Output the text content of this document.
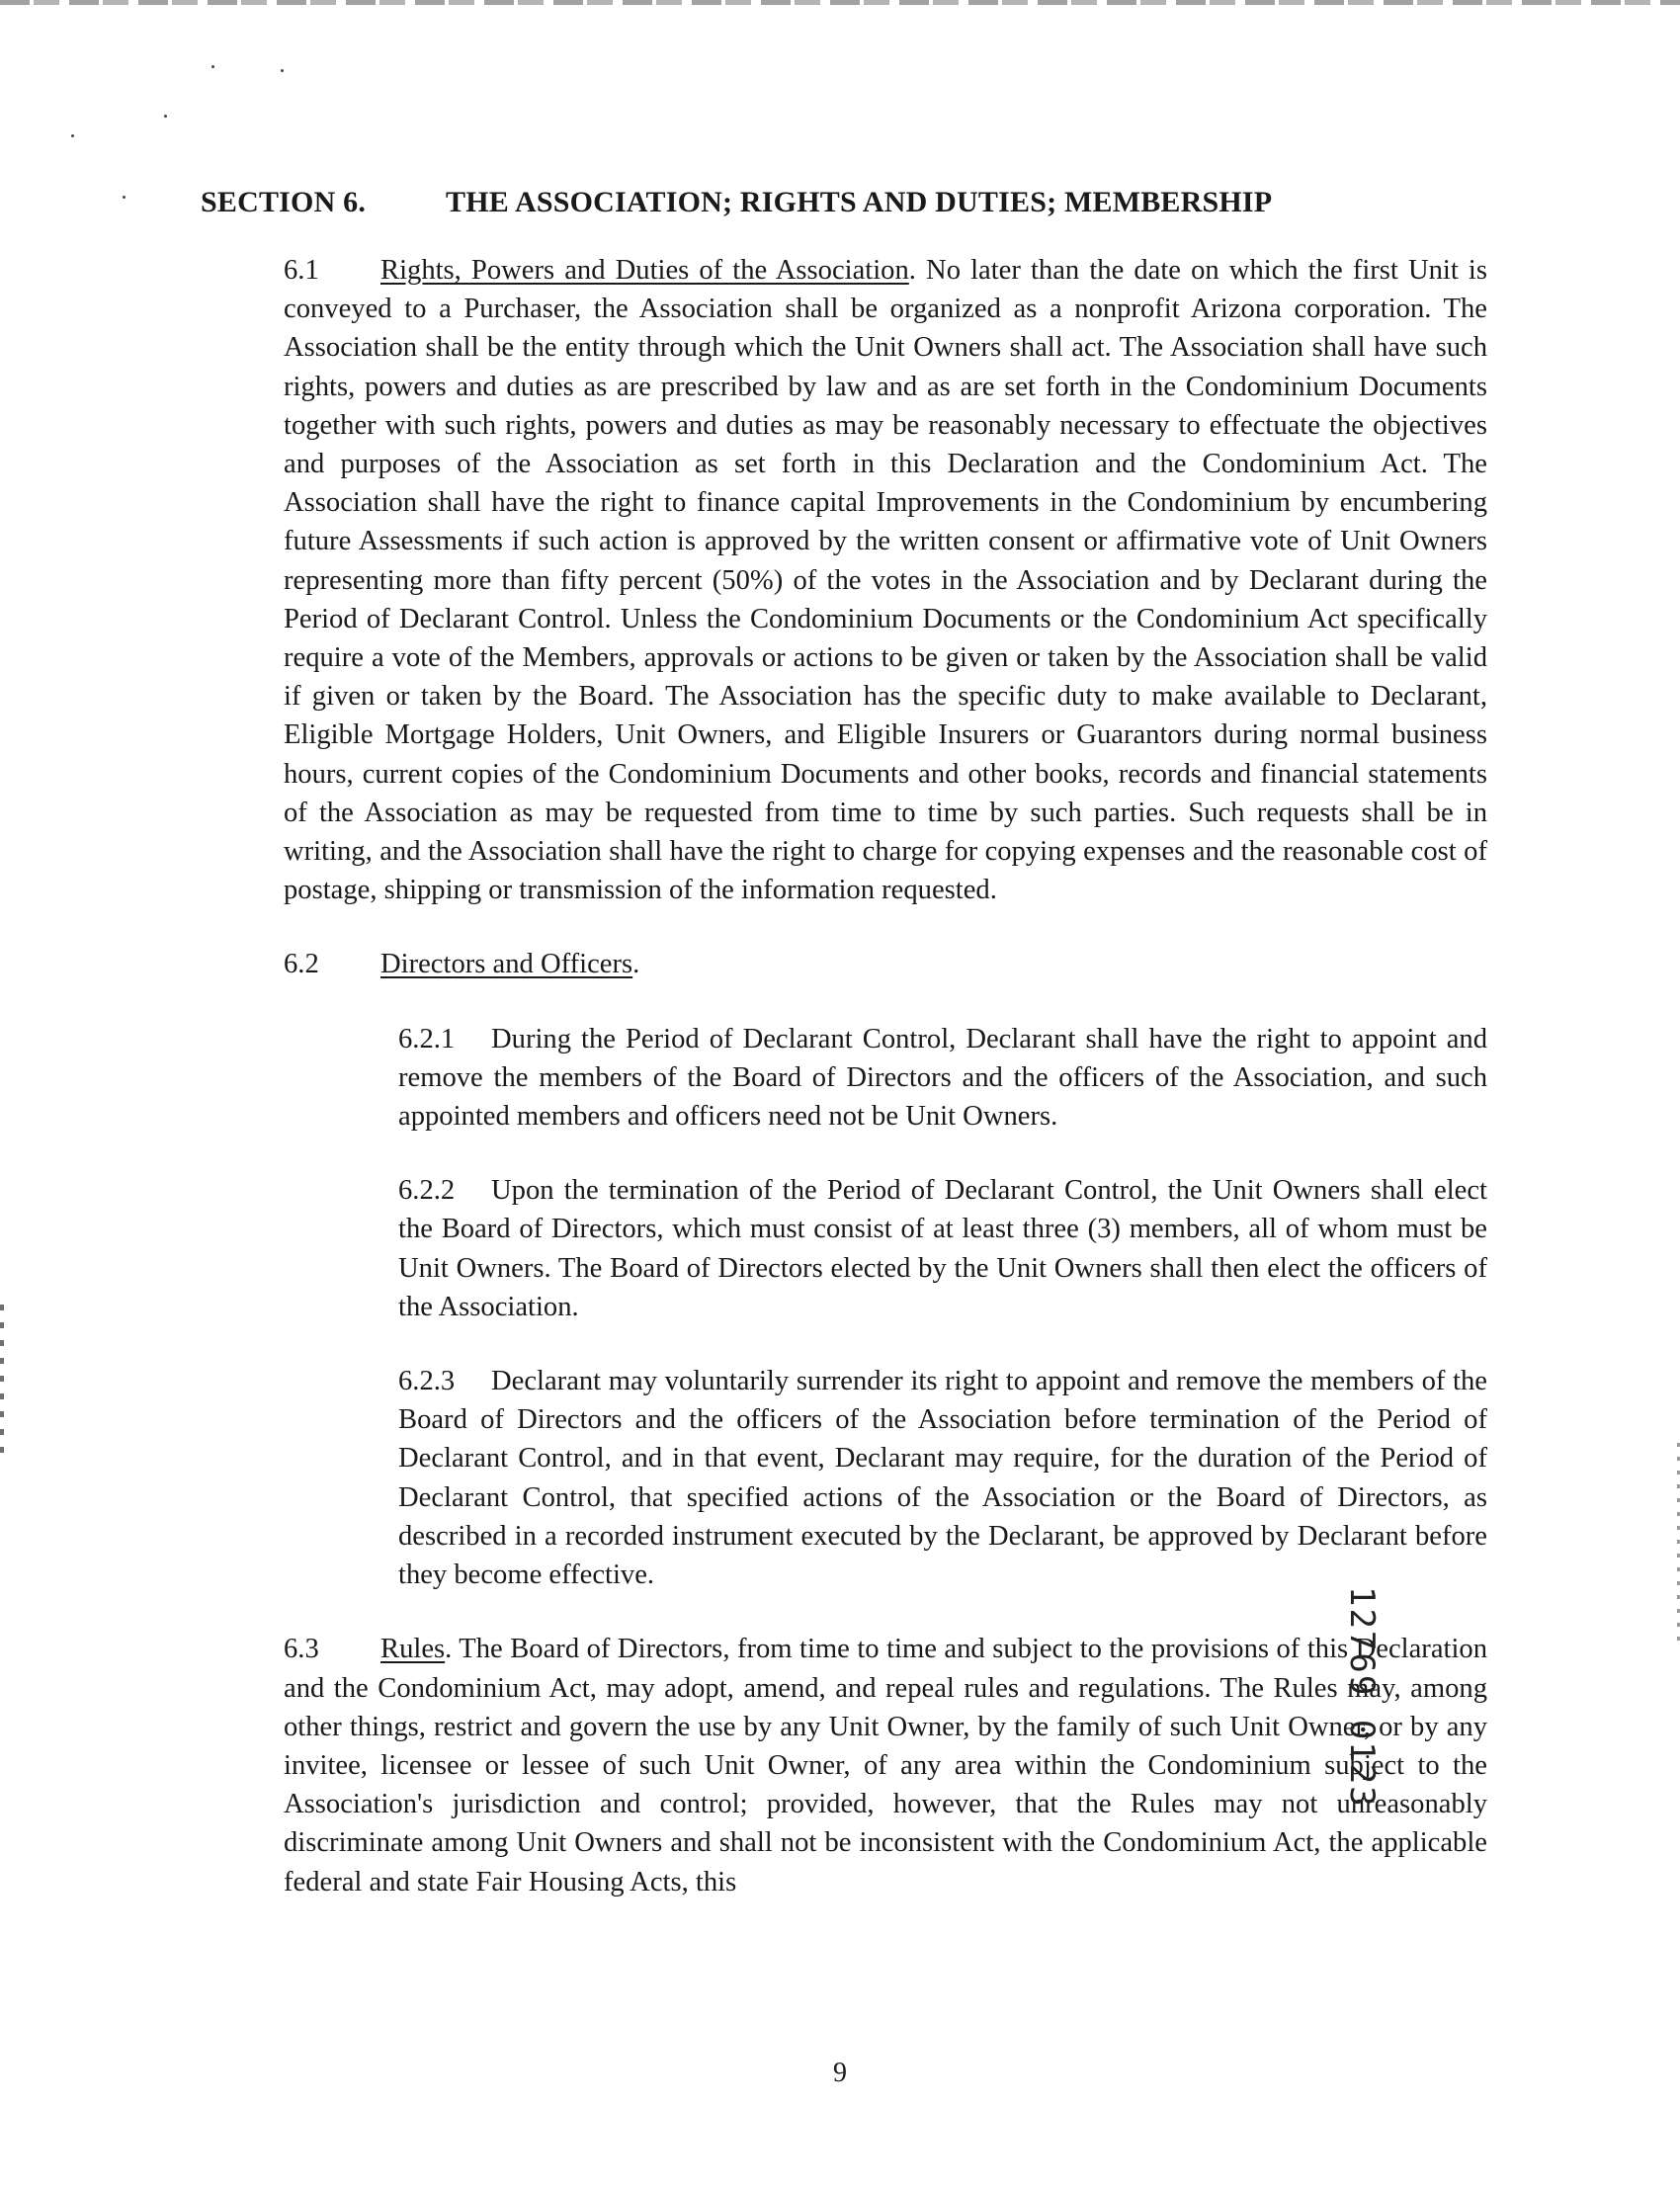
SECTION 6.	THE ASSOCIATION; RIGHTS AND DUTIES; MEMBERSHIP

6.1 Rights, Powers and Duties of the Association. No later than the date on which the first Unit is conveyed to a Purchaser, the Association shall be organized as a nonprofit Arizona corporation. The Association shall be the entity through which the Unit Owners shall act. The Association shall have such rights, powers and duties as are prescribed by law and as are set forth in the Condominium Documents together with such rights, powers and duties as may be reasonably necessary to effectuate the objectives and purposes of the Association as set forth in this Declaration and the Condominium Act. The Association shall have the right to finance capital Improvements in the Condominium by encumbering future Assessments if such action is approved by the written consent or affirmative vote of Unit Owners representing more than fifty percent (50%) of the votes in the Association and by Declarant during the Period of Declarant Control. Unless the Condominium Documents or the Condominium Act specifically require a vote of the Members, approvals or actions to be given or taken by the Association shall be valid if given or taken by the Board. The Association has the specific duty to make available to Declarant, Eligible Mortgage Holders, Unit Owners, and Eligible Insurers or Guarantors during normal business hours, current copies of the Condominium Documents and other books, records and financial statements of the Association as may be requested from time to time by such parties. Such requests shall be in writing, and the Association shall have the right to charge for copying expenses and the reasonable cost of postage, shipping or transmission of the information requested.

6.2 Directors and Officers.

6.2.1 During the Period of Declarant Control, Declarant shall have the right to appoint and remove the members of the Board of Directors and the officers of the Association, and such appointed members and officers need not be Unit Owners.

6.2.2 Upon the termination of the Period of Declarant Control, the Unit Owners shall elect the Board of Directors, which must consist of at least three (3) members, all of whom must be Unit Owners. The Board of Directors elected by the Unit Owners shall then elect the officers of the Association.

6.2.3 Declarant may voluntarily surrender its right to appoint and remove the members of the Board of Directors and the officers of the Association before termination of the Period of Declarant Control, and in that event, Declarant may require, for the duration of the Period of Declarant Control, that specified actions of the Association or the Board of Directors, as described in a recorded instrument executed by the Declarant, be approved by Declarant before they become effective.

6.3 Rules. The Board of Directors, from time to time and subject to the provisions of this Declaration and the Condominium Act, may adopt, amend, and repeal rules and regulations. The Rules may, among other things, restrict and govern the use by any Unit Owner, by the family of such Unit Owner, or by any invitee, licensee or lessee of such Unit Owner, of any area within the Condominium subject to the Association's jurisdiction and control; provided, however, that the Rules may not unreasonably discriminate among Unit Owners and shall not be inconsistent with the Condominium Act, the applicable federal and state Fair Housing Acts, this

12769 0123
9
